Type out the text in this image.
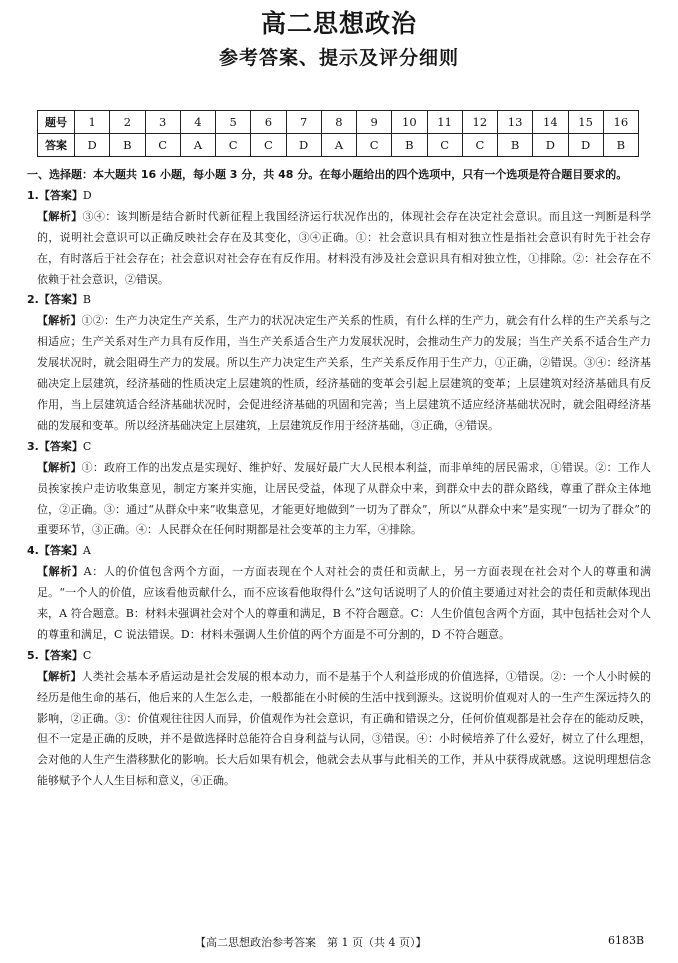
高二思想政治
参考答案、提示及评分细则
题号	1	2	3	4	5	6	7	8	9	10	11	12	13	14	15	16
答案	D	B	C	A	C	C	D	A	C	B	C	C	B	D	D	B

一、选择题：本大题共 16 小题，每小题 3 分，共 48 分。在每小题给出的四个选项中，只有一个选项是符合题目要求的。

1.【答案】D

【解析】③④：该判断是结合新时代新征程上我国经济运行状况作出的，体现社会存在决定社会意识。而且这一判断是科学的，说明社会意识可以正确反映社会存在及其变化，③④正确。①：社会意识具有相对独立性是指社会意识有时先于社会存在，有时落后于社会存在；社会意识对社会存在有反作用。材料没有涉及社会意识具有相对独立性，①排除。②：社会存在不依赖于社会意识，②错误。

2.【答案】B

【解析】①②：生产力决定生产关系，生产力的状况决定生产关系的性质，有什么样的生产力，就会有什么样的生产关系与之相适应；生产关系对生产力具有反作用，当生产关系适合生产力发展状况时，会推动生产力的发展；当生产关系不适合生产力发展状况时，就会阻碍生产力的发展。所以生产力决定生产关系，生产关系反作用于生产力，①正确，②错误。③④：经济基础决定上层建筑，经济基础的性质决定上层建筑的性质，经济基础的变革会引起上层建筑的变革；上层建筑对经济基础具有反作用，当上层建筑适合经济基础状况时，会促进经济基础的巩固和完善；当上层建筑不适应经济基础状况时，就会阻碍经济基础的发展和变革。所以经济基础决定上层建筑，上层建筑反作用于经济基础，③正确，④错误。

3.【答案】C

【解析】①：政府工作的出发点是实现好、维护好、发展好最广大人民根本利益，而非单纯的居民需求，①错误。②：工作人员挨家挨户走访收集意见，制定方案并实施，让居民受益，体现了从群众中来，到群众中去的群众路线，尊重了群众主体地位，②正确。③：通过“从群众中来”收集意见，才能更好地做到“一切为了群众”，所以“从群众中来”是实现“一切为了群众”的重要环节，③正确。④：人民群众在任何时期都是社会变革的主力军，④排除。

4.【答案】A

【解析】A：人的价值包含两个方面，一方面表现在个人对社会的责任和贡献上，另一方面表现在社会对个人的尊重和满足。“一个人的价值，应该看他贡献什么，而不应该看他取得什么”这句话说明了人的价值主要通过对社会的责任和贡献体现出来，A 符合题意。B：材料未强调社会对个人的尊重和满足，B 不符合题意。C：人生价值包含两个方面，其中包括社会对个人的尊重和满足，C 说法错误。D：材料未强调人生价值的两个方面是不可分割的，D 不符合题意。

5.【答案】C

【解析】人类社会基本矛盾运动是社会发展的根本动力，而不是基于个人利益形成的价值选择，①错误。②：一个人小时候的经历是他生命的基石，他后来的人生怎么走，一般都能在小时候的生活中找到源头。这说明价值观对人的一生产生深远持久的影响，②正确。③：价值观往往因人而异，价值观作为社会意识，有正确和错误之分，任何价值观都是社会存在的能动反映，但不一定是正确的反映，并不是做选择时总能符合自身利益与认同，③错误。④：小时候培养了什么爱好，树立了什么理想，会对他的人生产生潜移默化的影响。长大后如果有机会，他就会去从事与此相关的工作，并从中获得成就感。这说明理想信念能够赋予个人人生目标和意义，④正确。

【高二思想政治参考答案　第 1 页（共 4 页）】	6183B
